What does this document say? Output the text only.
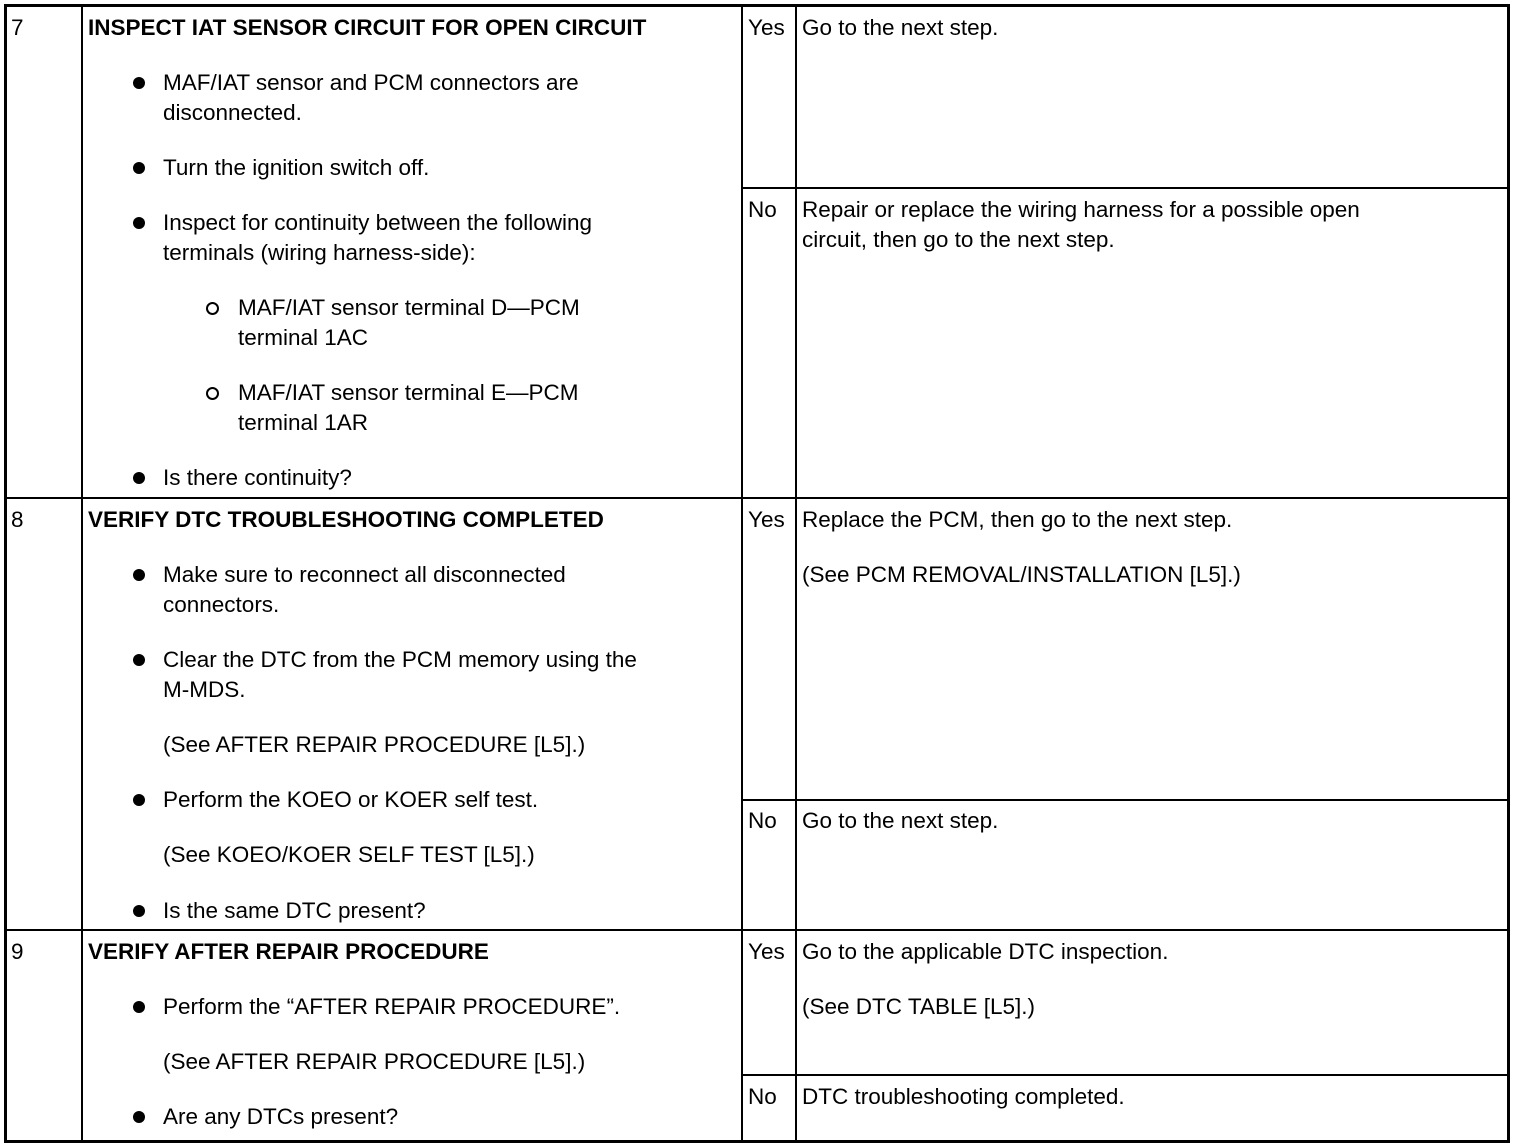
7	INSPECT IAT SENSOR CIRCUIT FOR OPEN CIRCUIT
MAF/IAT sensor and PCM connectors are
disconnected.
Turn the ignition switch off.
Inspect for continuity between the following
terminals (wiring harness-side):
MAF/IAT sensor terminal D—PCM
terminal 1AC
MAF/IAT sensor terminal E—PCM
terminal 1AR
Is there continuity?
Yes Go to the next step.
No Repair or replace the wiring harness for a possible open
circuit, then go to the next step.
8	VERIFY DTC TROUBLESHOOTING COMPLETED
Make sure to reconnect all disconnected
connectors.
Clear the DTC from the PCM memory using the
M-MDS.
(See AFTER REPAIR PROCEDURE [L5].)
Perform the KOEO or KOER self test.
(See KOEO/KOER SELF TEST [L5].)
Is the same DTC present?
Yes Replace the PCM, then go to the next step.
(See PCM REMOVAL/INSTALLATION [L5].)
No Go to the next step.
9	VERIFY AFTER REPAIR PROCEDURE
Perform the “AFTER REPAIR PROCEDURE”.
(See AFTER REPAIR PROCEDURE [L5].)
Are any DTCs present?
Yes Go to the applicable DTC inspection.
(See DTC TABLE [L5].)
No DTC troubleshooting completed.
